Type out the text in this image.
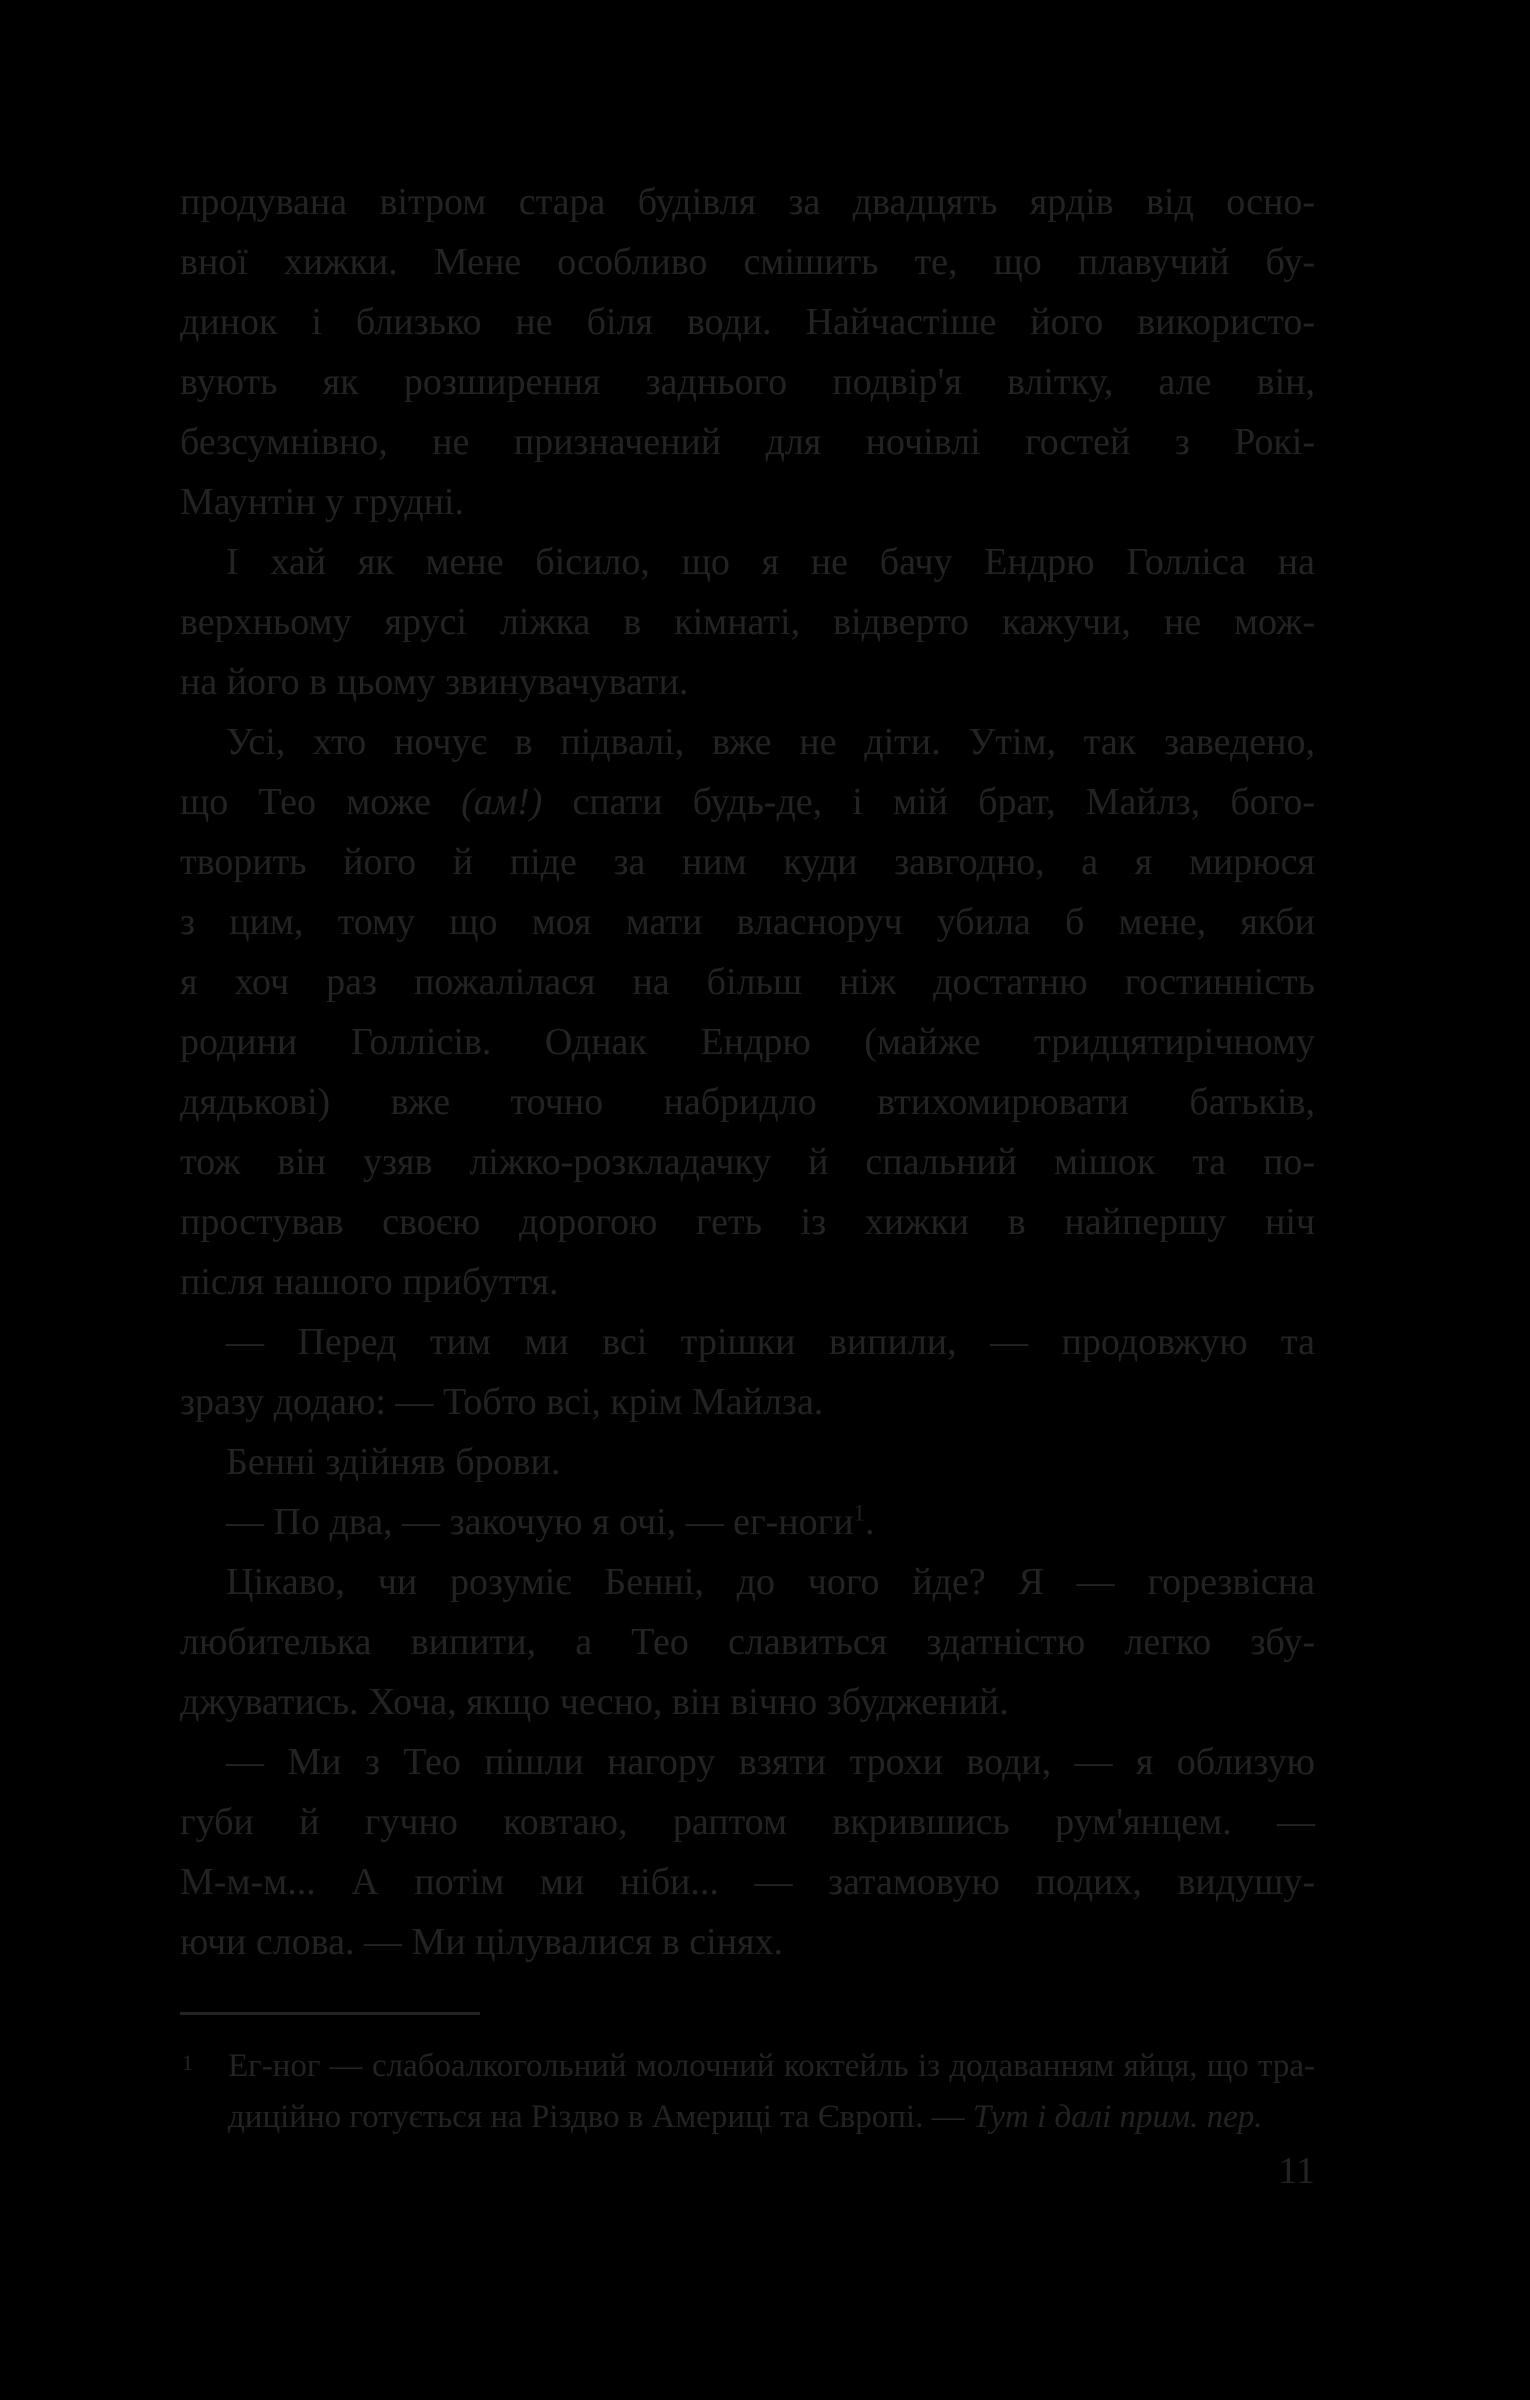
продувана вітром стара будівля за двадцять ярдів від осно-
вної хижки. Мене особливо смішить те, що плавучий бу-
динок і близько не біля води. Найчастіше його використо-
вують як розширення заднього подвір'я влітку, але він,
безсумнівно, не призначений для ночівлі гостей з Рокі-
Маунтін у грудні.
І хай як мене бісило, що я не бачу Ендрю Голліса на
верхньому ярусі ліжка в кімнаті, відверто кажучи, не мож-
на його в цьому звинувачувати.
Усі, хто ночує в підвалі, вже не діти. Утім, так заведено,
що Тео може (ам!) спати будь-де, і мій брат, Майлз, бого-
творить його й піде за ним куди завгодно, а я мирюся
з цим, тому що моя мати власноруч убила б мене, якби
я хоч раз пожалілася на більш ніж достатню гостинність
родини Голлісів. Однак Ендрю (майже тридцятирічному
дядькові) вже точно набридло втихомирювати батьків,
тож він узяв ліжко-розкладачку й спальний мішок та по-
простував своєю дорогою геть із хижки в найпершу ніч
після нашого прибуття.
— Перед тим ми всі трішки випили, — продовжую та
зразу додаю: — Тобто всі, крім Майлза.
Бенні здійняв брови.
— По два, — закочую я очі, — ег-ноги$^1$.
Цікаво, чи розуміє Бенні, до чого йде? Я — горезвісна
любителька випити, а Тео славиться здатністю легко збу-
джуватись. Хоча, якщо чесно, він вічно збуджений.
— Ми з Тео пішли нагору взяти трохи води, — я облизую
губи й гучно ковтаю, раптом вкрившись рум'янцем. —
М-м-м... А потім ми ніби... — затамовую подих, видушу-
ючи слова. — Ми цілувалися в сінях.
1 Ег-ног — слабоалкогольний молочний коктейль із додаванням яйця, що тра-
диційно готується на Різдво в Америці та Європі. — Тут і далі прим. пер.
11
